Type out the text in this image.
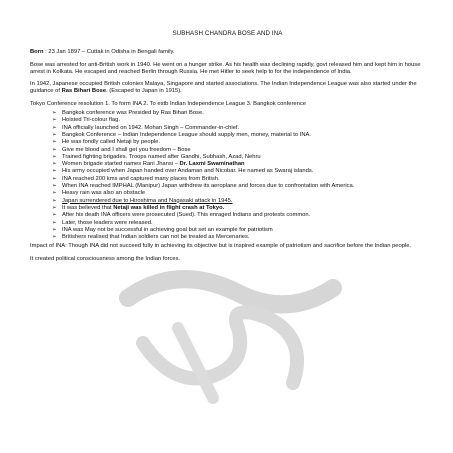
SUBHASH CHANDRA BOSE AND INA

Born : 23 Jan 1897 – Cuttak in Odisha in Bengali family.

Bose was arrested for anti-British work in 1940. He went on a hunger strike. As his health was declining rapidly, govt released him and kept him in house arrest in Kolkata. He escaped and reached Berlin through Russia. He met Hitler to seek help to for the independence of India.

In 1942, Japanese occupied British colonies Malaya, Singapore and started associations. The Indian Independence League was also started under the guidance of Ras Bihari Bose. (Escaped to Japan in 1915).

Tokyo Conference resolution 1. To form INA 2. To estb Indian Independence League 3. Bangkok conference

➢ Bangkok conference was Presided by Ras Bihari Bose.
➢ Hoisted Tri-colour flag.
➢ INA officially launched on 1942. Mohan Singh – Commander-in-chief.
➢ Bangkok Conference – Indian Independence League should supply men, money, material to INA.
➢ He was fondly called Netaji by people.
➢ Give me blood and I shall get you freedom – Bose
➢ Trained fighting brigades. Troops named after Gandhi, Subhash, Azad, Nehru
➢ Women brigade started names Rani Jhansi – Dr. Laxmi Swaminathan
➢ His army occupied when Japan handed over Andaman and Nicobar. He named as Swaraj islands.
➢ INA reached 200 kms and captured many places from British.
➢ When INA reached IMPHAL (Manipur) Japan withdrew its aeroplane and forces due to confrontation with America.
➢ Heavy rain was also an obstacle
➢ Japan surrendered due to Hiroshima and Nagasaki attack in 1945.
➢ It was believed that Netaji was killed in flight crash at Tokyo.
➢ After his death INA officers were prosecuted (Sued). This enraged Indians and protests common.
➢ Later, those leaders were released.
➢ INA was May not be successful in achieving goal but set an example for patriotism
➢ Britishers realised that Indian soldiers can not be treated as Mercenaries.

Impact of INA: Though INA did not succeed fully in achieving its objective but is inspired example of patriotism and sacrifice before the Indian people.

It created political consciousness among the Indian forces.
